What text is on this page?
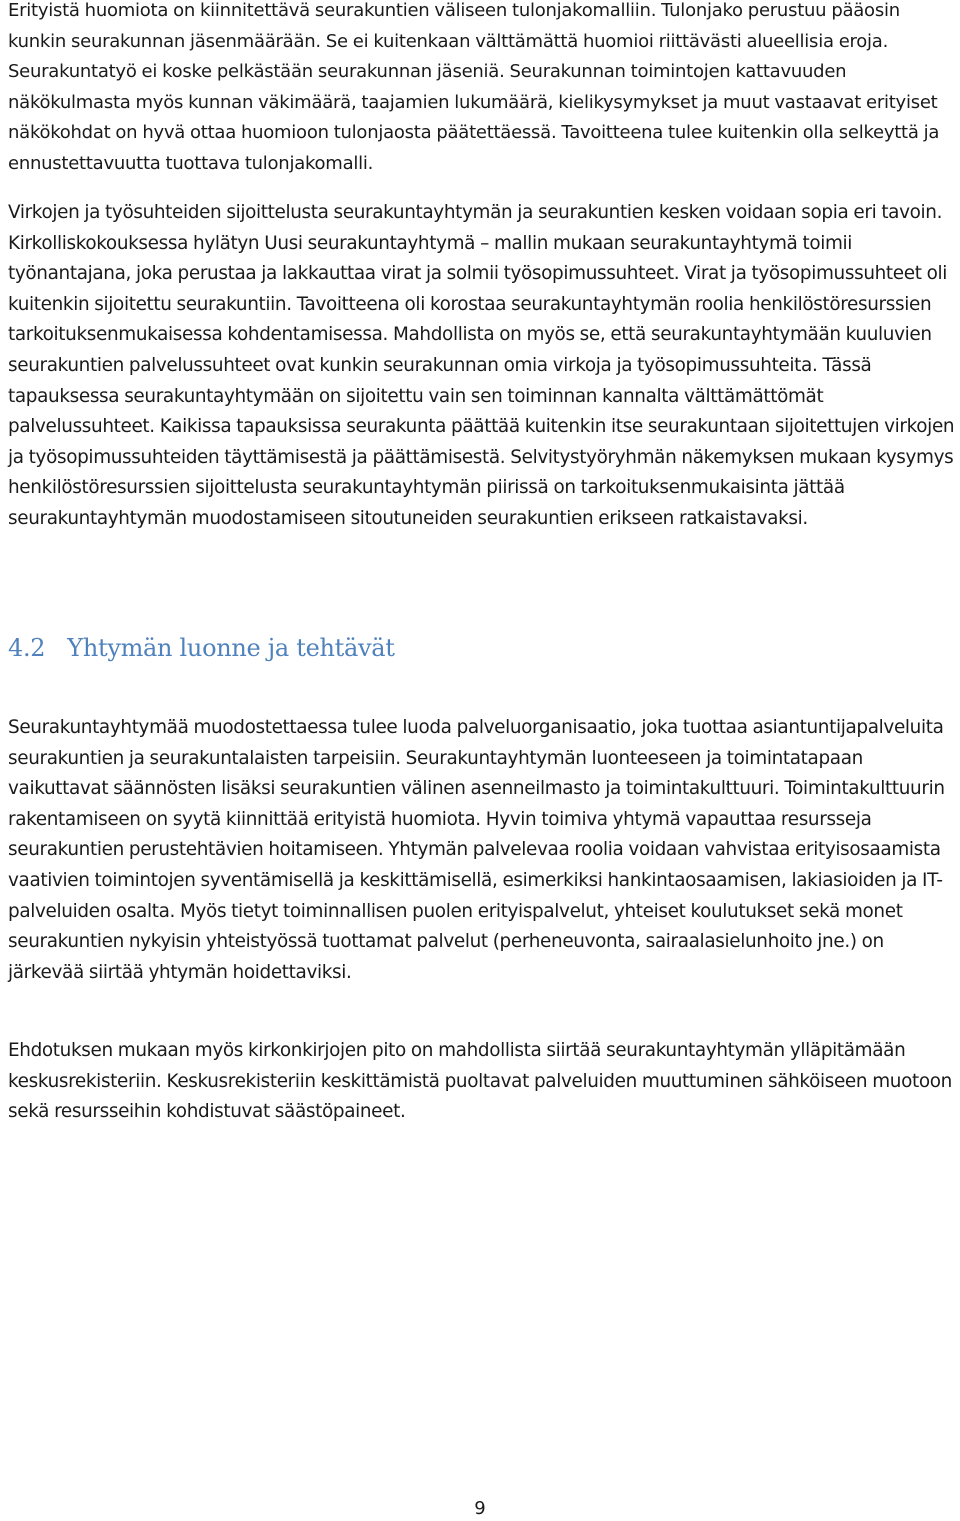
Erityistä huomiota on kiinnitettävä seurakuntien väliseen tulonjakomalliin. Tulonjako perustuu pääosin kunkin seurakunnan jäsenmäärään. Se ei kuitenkaan välttämättä huomioi riittävästi alueellisia eroja. Seurakuntatyö ei koske pelkästään seurakunnan jäseniä. Seurakunnan toimintojen kattavuuden näkökulmasta myös kunnan väkimäärä, taajamien lukumäärä, kielikysymykset ja muut vastaavat erityiset näkökohdat on hyvä ottaa huomioon tulonjaosta päätettäessä. Tavoitteena tulee kuitenkin olla selkeyttä ja ennustettavuutta tuottava tulonjakomalli.

Virkojen ja työsuhteiden sijoittelusta seurakuntayhtymän ja seurakuntien kesken voidaan sopia eri tavoin. Kirkolliskokouksessa hylätyn Uusi seurakuntayhtymä – mallin mukaan seurakuntayhtymä toimii työnantajana, joka perustaa ja lakkauttaa virat ja solmii työsopimussuhteet. Virat ja työsopimussuhteet oli kuitenkin sijoitettu seurakuntiin. Tavoitteena oli korostaa seurakuntayhtymän roolia henkilöstöresurssien tarkoituksenmukaisessa kohdentamisessa. Mahdollista on myös se, että seurakuntayhtymään kuuluvien seurakuntien palvelussuhteet ovat kunkin seurakunnan omia virkoja ja työsopimussuhteita. Tässä tapauksessa seurakuntayhtymään on sijoitettu vain sen toiminnan kannalta välttämättömät palvelussuhteet. Kaikissa tapauksissa seurakunta päättää kuitenkin itse seurakuntaan sijoitettujen virkojen ja työsopimussuhteiden täyttämisestä ja päättämisestä. Selvitystyöryhmän näkemyksen mukaan kysymys henkilöstöresurssien sijoittelusta seurakuntayhtymän piirissä on tarkoituksenmukaisinta jättää seurakuntayhtymän muodostamiseen sitoutuneiden seurakuntien erikseen ratkaistavaksi.

4.2 Yhtymän luonne ja tehtävät

Seurakuntayhtymää muodostettaessa tulee luoda palveluorganisaatio, joka tuottaa asiantuntijapalveluita seurakuntien ja seurakuntalaisten tarpeisiin. Seurakuntayhtymän luonteeseen ja toimintatapaan vaikuttavat säännösten lisäksi seurakuntien välinen asenneilmasto ja toimintakulttuuri. Toimintakulttuurin rakentamiseen on syytä kiinnittää erityistä huomiota. Hyvin toimiva yhtymä vapauttaa resursseja seurakuntien perustehtävien hoitamiseen. Yhtymän palvelevaa roolia voidaan vahvistaa erityisosaamista vaativien toimintojen syventämisellä ja keskittämisellä, esimerkiksi hankintaosaamisen, lakiasioiden ja IT-palveluiden osalta. Myös tietyt toiminnallisen puolen erityispalvelut, yhteiset koulutukset sekä monet seurakuntien nykyisin yhteistyössä tuottamat palvelut (perheneuvonta, sairaalasielunhoito jne.) on järkevää siirtää yhtymän hoidettaviksi.

Ehdotuksen mukaan myös kirkonkirjojen pito on mahdollista siirtää seurakuntayhtymän ylläpitämään keskusrekisteriin. Keskusrekisteriin keskittämistä puoltavat palveluiden muuttuminen sähköiseen muotoon sekä resursseihin kohdistuvat säästöpaineet.

9
